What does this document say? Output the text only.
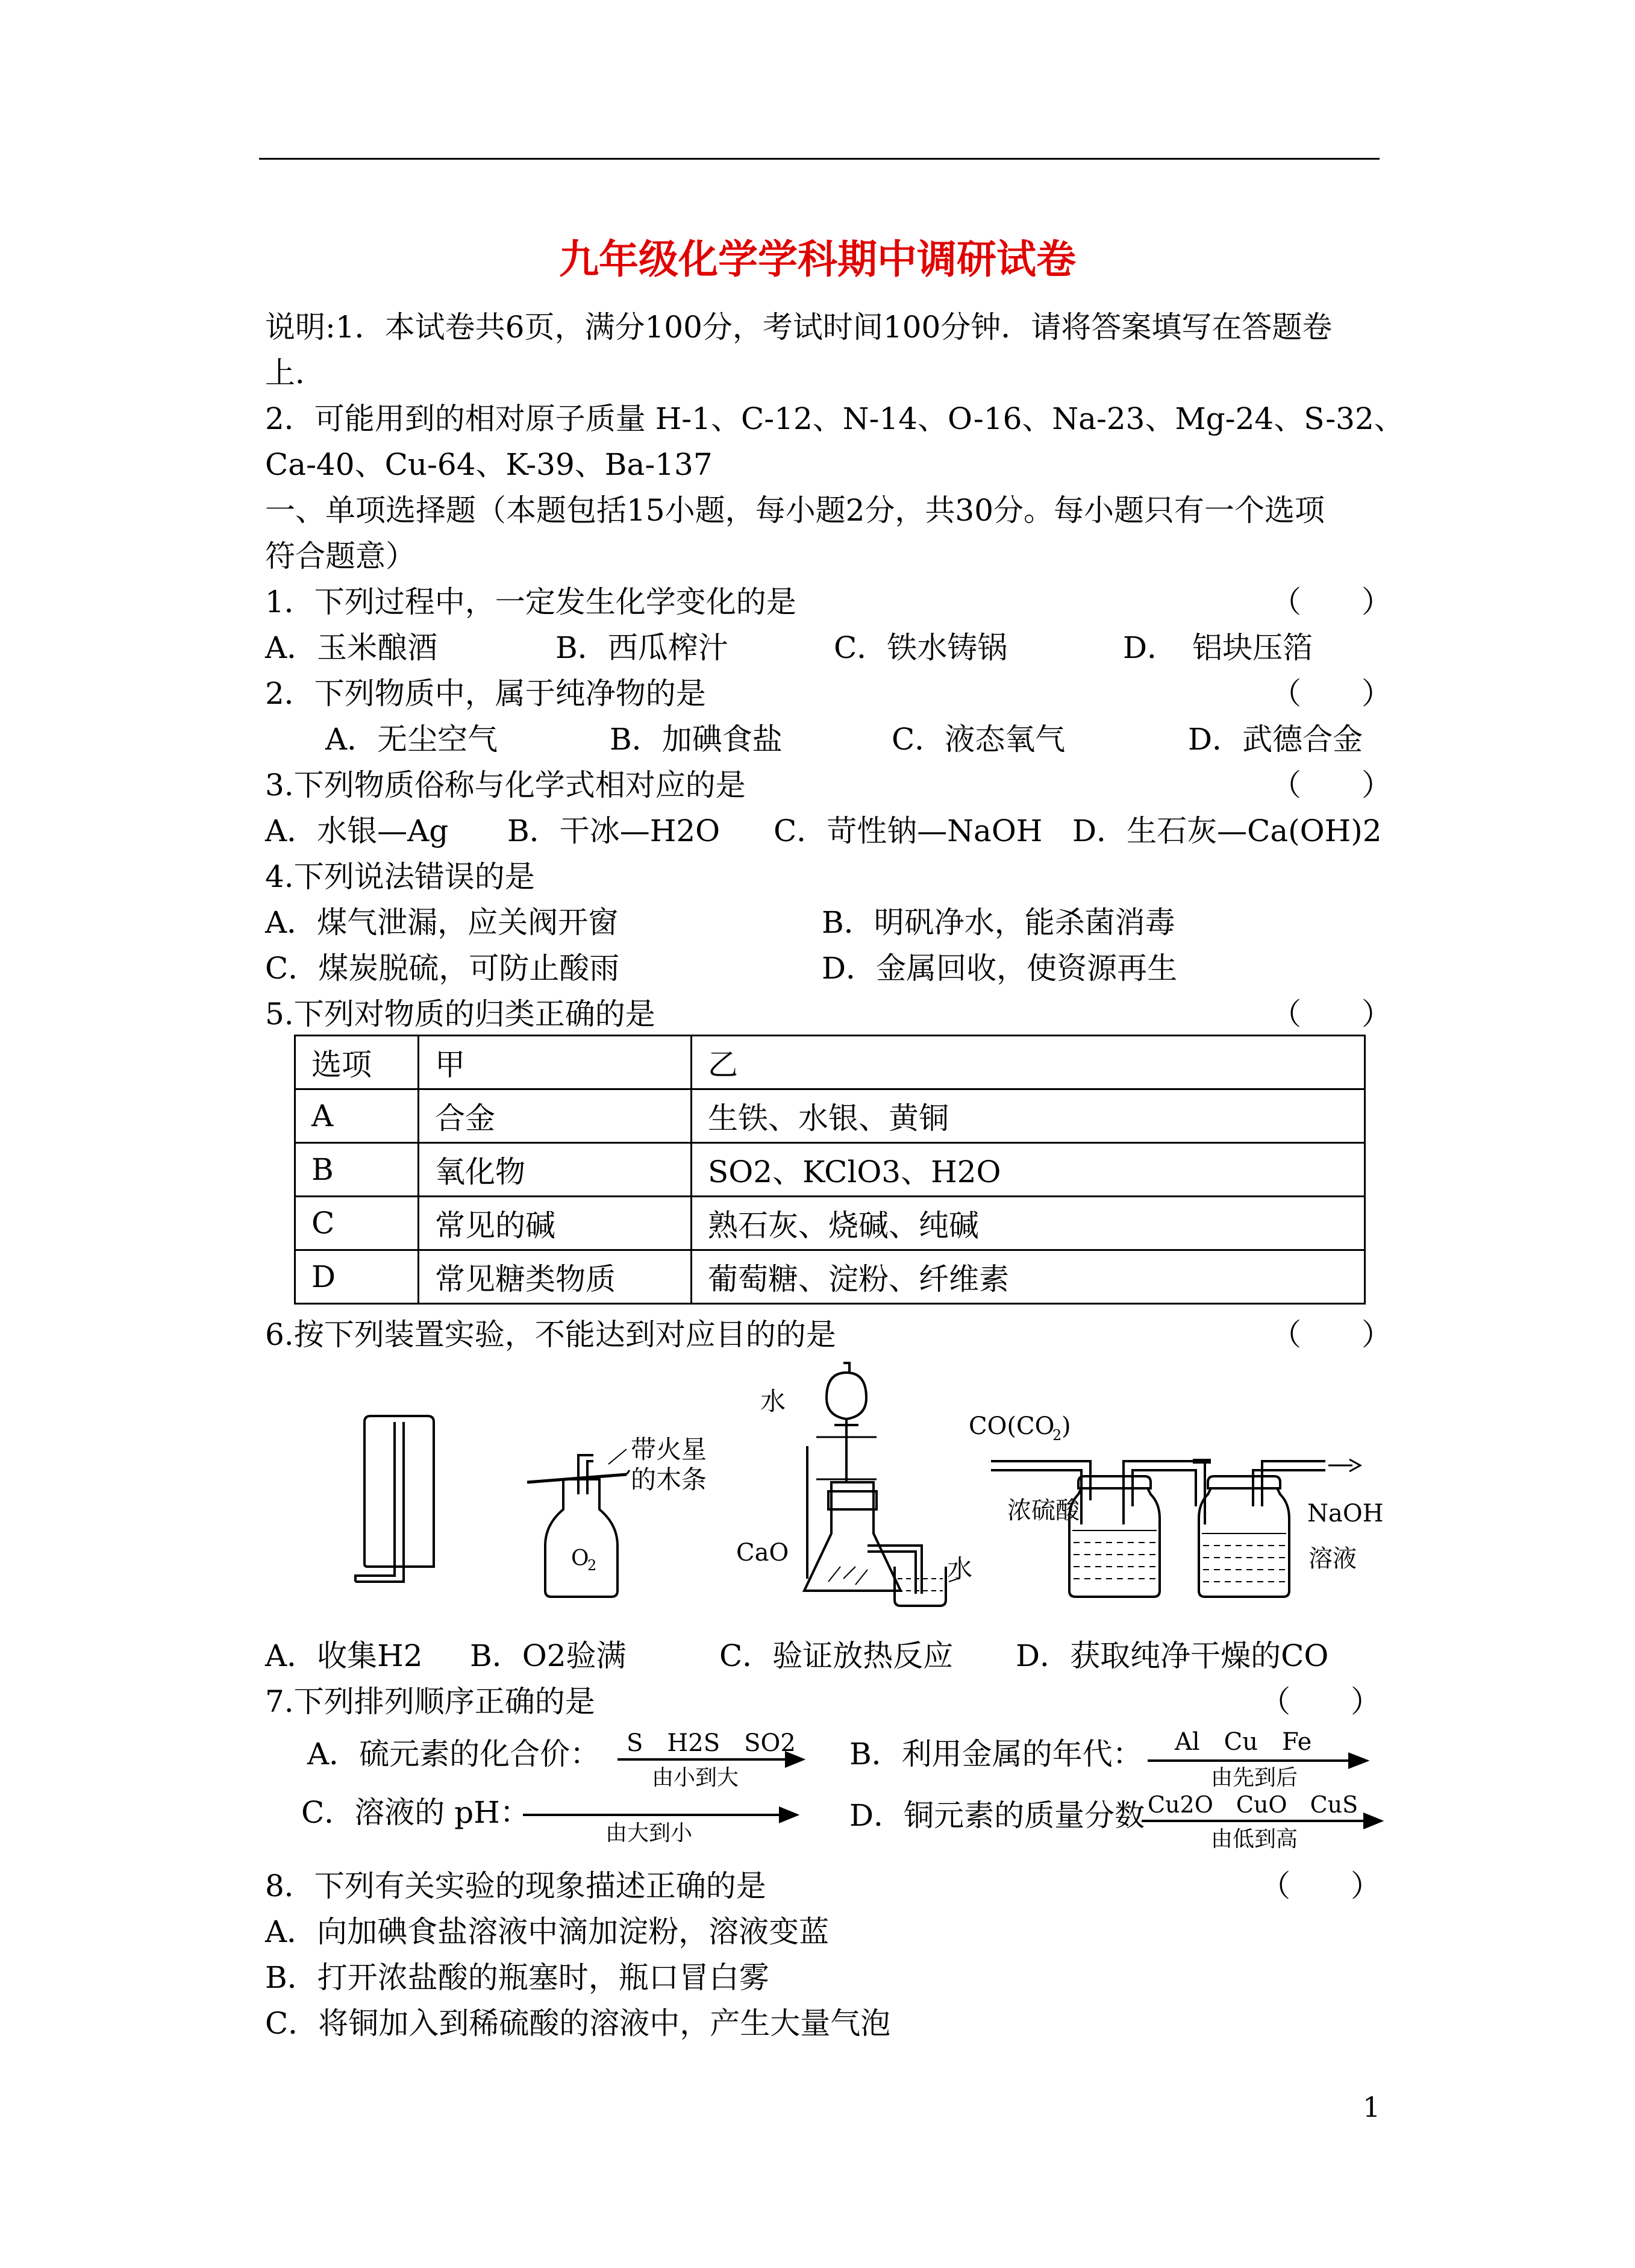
九年级化学学科期中调研试卷
说明:1．本试卷共6页，满分100分，考试时间100分钟．请将答案填写在答题卷
上．
2．可能用到的相对原子质量 H-1、C-12、N-14、O-16、Na-23、Mg-24、S-32、
Ca-40、Cu-64、K-39、Ba-137
一、单项选择题（本题包括15小题，每小题2分，共30分。每小题只有一个选项
符合题意）
1．下列过程中，一定发生化学变化的是	（　　）
A．玉米酿酒	B．西瓜榨汁	C．铁水铸锅	D．　铝块压箔
2．下列物质中，属于纯净物的是	（　　）
A．无尘空气	B．加碘食盐	C．液态氧气	D．武德合金
3.下列物质俗称与化学式相对应的是	（　　）
A．水银—Ag B．干冰—H2O C．苛性钠—NaOH D．生石灰—Ca(OH)2
4.下列说法错误的是
A．煤气泄漏，应关阀开窗	B．明矾净水，能杀菌消毒
C．煤炭脱硫，可防止酸雨	D．金属回收，使资源再生
5.下列对物质的归类正确的是	（　　）
选项	甲	乙
A	合金	生铁、水银、黄铜
B	氧化物	SO2、KClO3、H2O
C	常见的碱	熟石灰、烧碱、纯碱
D	常见糖类物质	葡萄糖、淀粉、纤维素
6.按下列装置实验，不能达到对应目的的是	（　　）
带火星
的木条
O
2
水
CaO
水
CO(CO
2 )
浓硫酸	NaOH
溶液
A．收集H2 B．O2验满	C．验证放热反应 D．获取纯净干燥的CO
7.下列排列顺序正确的是	（　　）
A．硫元素的化合价：	B．利用金属的年代：
C．溶液的 pH：	D．铜元素的质量分数
S　H2S　SO2
由小到大
Al　Cu　Fe
由先到后
由大到小
Cu2O　CuO　CuS
由低到高
8．下列有关实验的现象描述正确的是	（　　）
A．向加碘食盐溶液中滴加淀粉，溶液变蓝
B．打开浓盐酸的瓶塞时，瓶口冒白雾
C．将铜加入到稀硫酸的溶液中，产生大量气泡
1
